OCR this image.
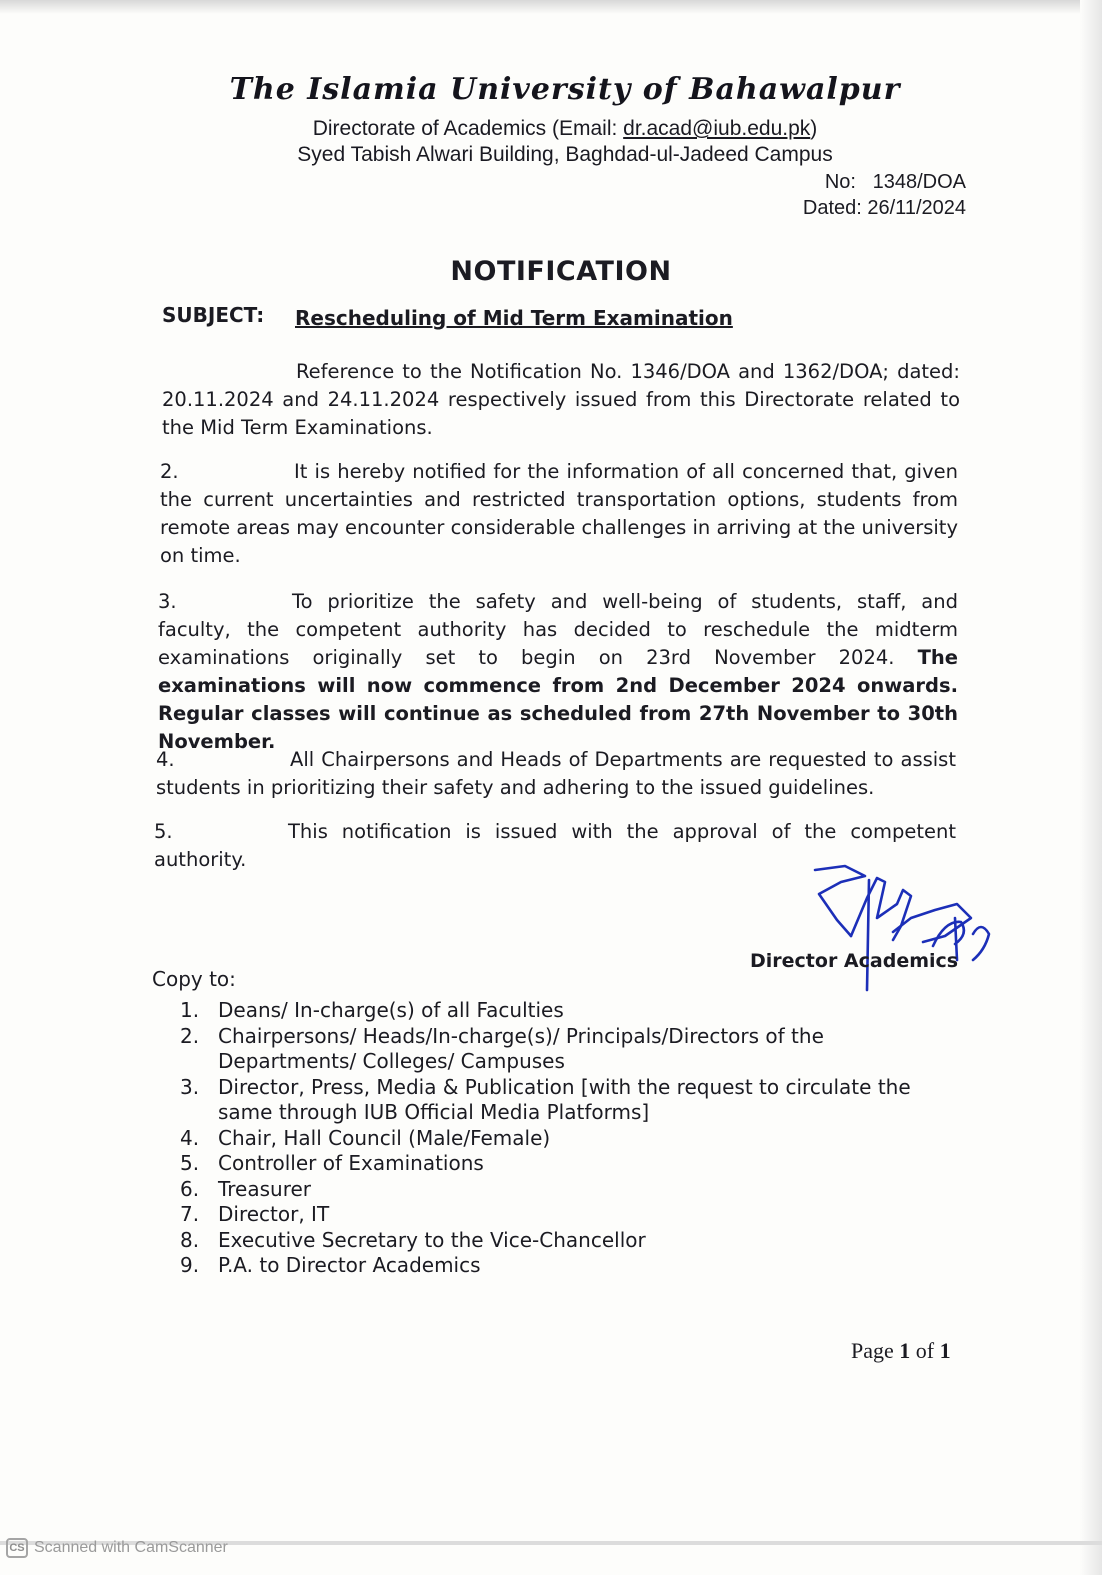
The Islamia University of Bahawalpur
Directorate of Academics (Email: dr.acad@iub.edu.pk)
Syed Tabish Alwari Building, Baghdad-ul-Jadeed Campus
No:   1348/DOA
Dated: 26/11/2024
NOTIFICATION
SUBJECT: Rescheduling of Mid Term Examination
Reference to the Notification No. 1346/DOA and 1362/DOA; dated: 20.11.2024 and 24.11.2024 respectively issued from this Directorate related to the Mid Term Examinations.
2.	It is hereby notified for the information of all concerned that, given the current uncertainties and restricted transportation options, students from remote areas may encounter considerable challenges in arriving at the university on time.
3.	To prioritize the safety and well-being of students, staff, and faculty, the competent authority has decided to reschedule the midterm examinations originally set to begin on 23rd November 2024. The examinations will now commence from 2nd December 2024 onwards. Regular classes will continue as scheduled from 27th November to 30th November.
4.	All Chairpersons and Heads of Departments are requested to assist students in prioritizing their safety and adhering to the issued guidelines.
5.	This notification is issued with the approval of the competent authority.
Director Academics
Copy to:
1. Deans/ In-charge(s) of all Faculties
2. Chairpersons/ Heads/In-charge(s)/ Principals/Directors of the Departments/ Colleges/ Campuses
3. Director, Press, Media & Publication [with the request to circulate the same through IUB Official Media Platforms]
4. Chair, Hall Council (Male/Female)
5. Controller of Examinations
6. Treasurer
7. Director, IT
8. Executive Secretary to the Vice-Chancellor
9. P.A. to Director Academics
Page 1 of 1
CS Scanned with CamScanner
